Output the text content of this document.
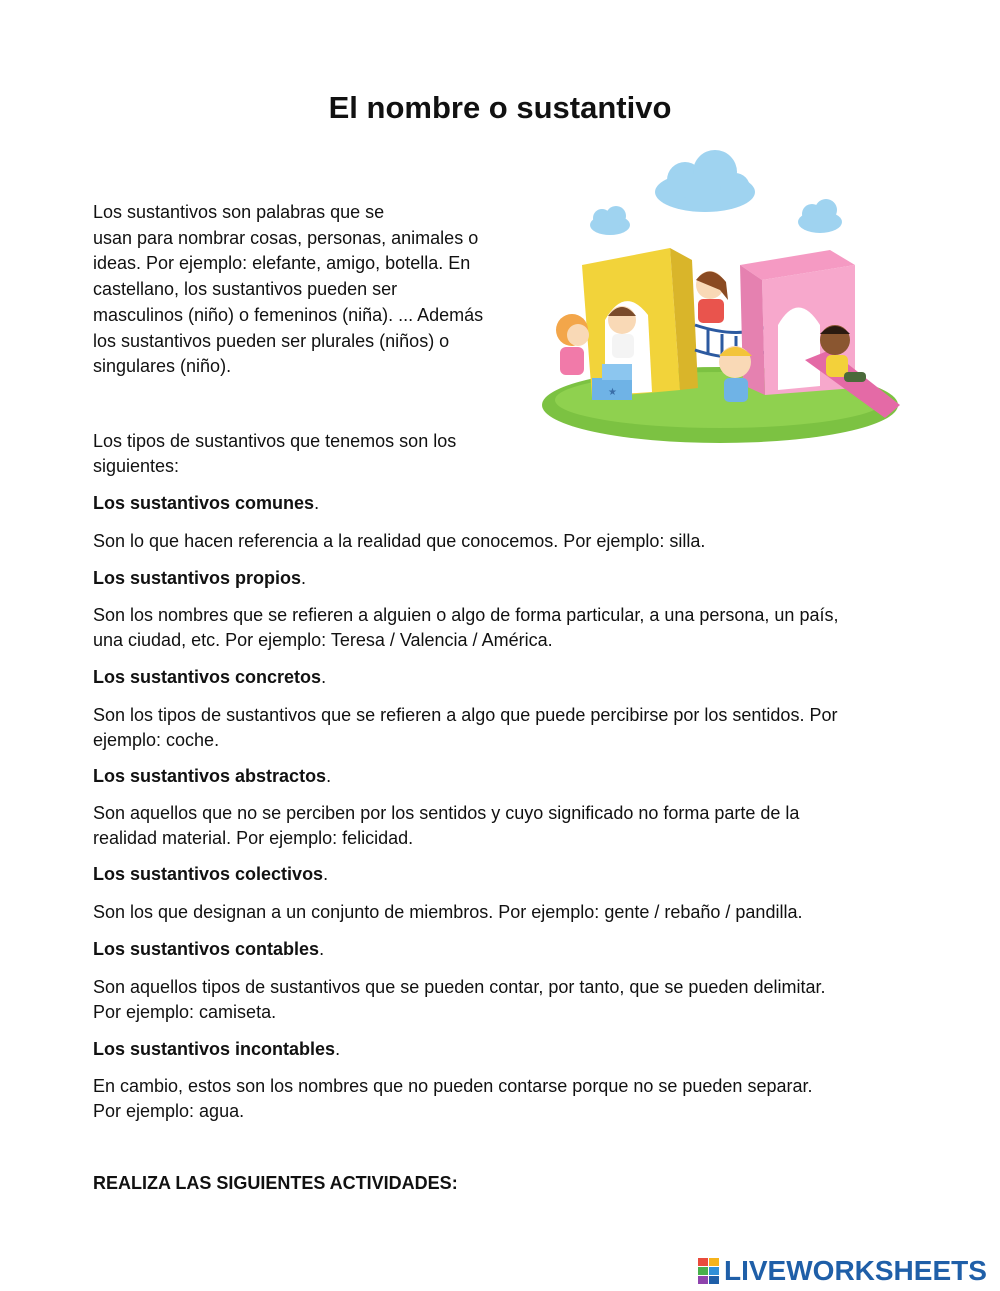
El nombre o sustantivo

Los sustantivos son palabras que se
usan para nombrar cosas, personas, animales o
ideas. Por ejemplo: elefante, amigo, botella. En
castellano, los sustantivos pueden ser
masculinos (niño) o femeninos (niña). ... Además
los sustantivos pueden ser plurales (niños) o
singulares (niño).

★

Los tipos de sustantivos que tenemos son los
siguientes:

Los sustantivos comunes.

Son lo que hacen referencia a la realidad que conocemos. Por ejemplo: silla.

Los sustantivos propios.

Son los nombres que se refieren a alguien o algo de forma particular, a una persona, un país,
una ciudad, etc. Por ejemplo: Teresa / Valencia / América.

Los sustantivos concretos.

Son los tipos de sustantivos que se refieren a algo que puede percibirse por los sentidos. Por
ejemplo: coche.

Los sustantivos abstractos.

Son aquellos que no se perciben por los sentidos y cuyo significado no forma parte de la
realidad material. Por ejemplo: felicidad.

Los sustantivos colectivos.

Son los que designan a un conjunto de miembros. Por ejemplo: gente / rebaño / pandilla.

Los sustantivos contables.

Son aquellos tipos de sustantivos que se pueden contar, por tanto, que se pueden delimitar.
Por ejemplo: camiseta.

Los sustantivos incontables.

En cambio, estos son los nombres que no pueden contarse porque no se pueden separar.
Por ejemplo: agua.

REALIZA LAS SIGUIENTES ACTIVIDADES:

LIVEWORKSHEETS
